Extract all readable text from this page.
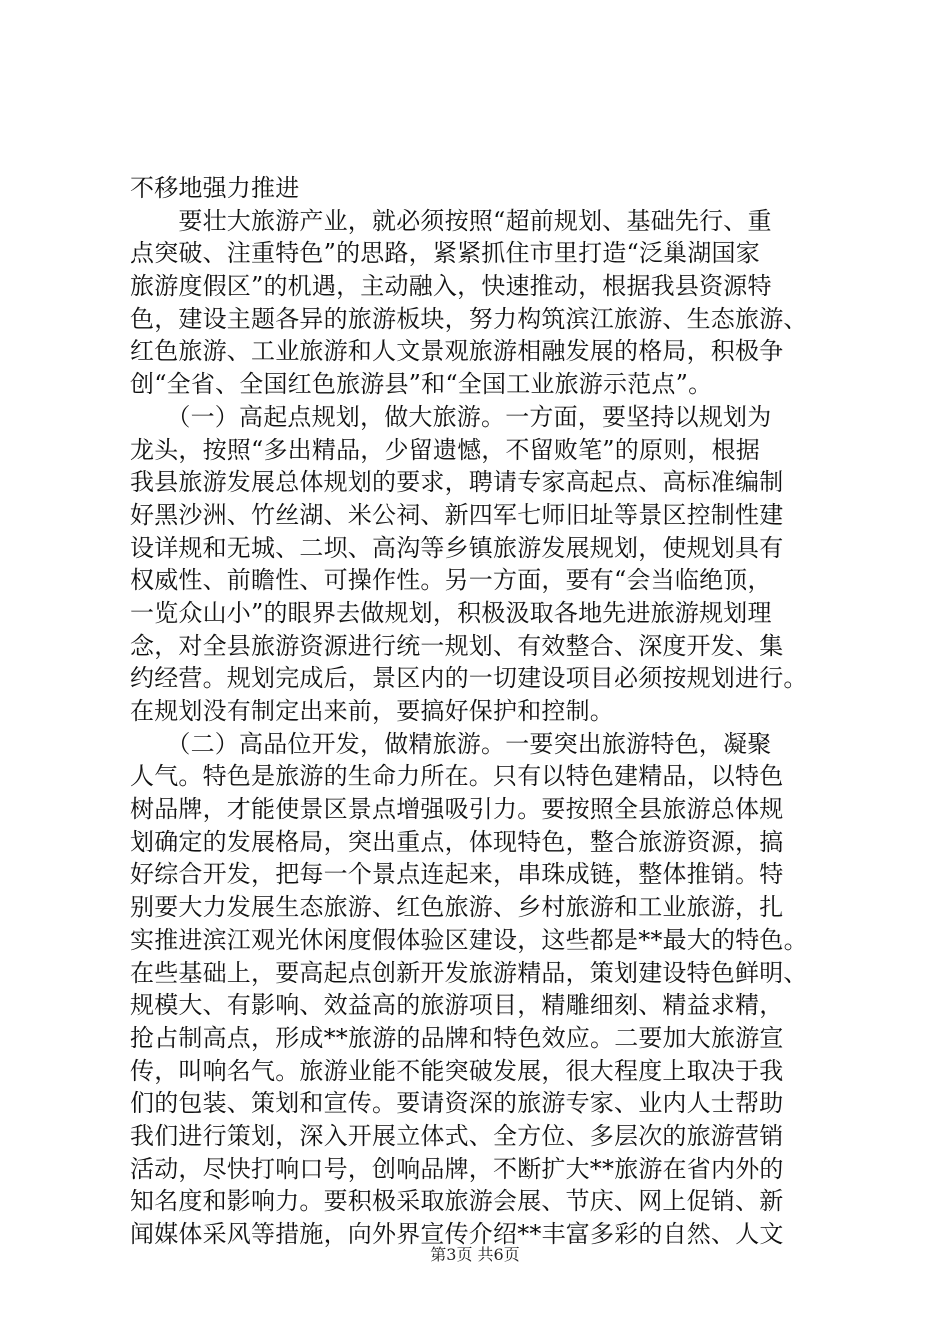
不移地强力推进
　　要壮大旅游产业，就必须按照“超前规划、基础先行、重
点突破、注重特色”的思路，紧紧抓住市里打造“泛巢湖国家
旅游度假区”的机遇，主动融入，快速推动，根据我县资源特
色，建设主题各异的旅游板块，努力构筑滨江旅游、生态旅游、
红色旅游、工业旅游和人文景观旅游相融发展的格局，积极争
创“全省、全国红色旅游县”和“全国工业旅游示范点”。
　　（一）高起点规划，做大旅游。一方面，要坚持以规划为
龙头，按照“多出精品，少留遗憾，不留败笔”的原则，根据
我县旅游发展总体规划的要求，聘请专家高起点、高标准编制
好黑沙洲、竹丝湖、米公祠、新四军七师旧址等景区控制性建
设详规和无城、二坝、高沟等乡镇旅游发展规划，使规划具有
权威性、前瞻性、可操作性。另一方面，要有“会当临绝顶，
一览众山小”的眼界去做规划，积极汲取各地先进旅游规划理
念，对全县旅游资源进行统一规划、有效整合、深度开发、集
约经营。规划完成后，景区内的一切建设项目必须按规划进行。
在规划没有制定出来前，要搞好保护和控制。
　　（二）高品位开发，做精旅游。一要突出旅游特色，凝聚
人气。特色是旅游的生命力所在。只有以特色建精品，以特色
树品牌，才能使景区景点增强吸引力。要按照全县旅游总体规
划确定的发展格局，突出重点，体现特色，整合旅游资源，搞
好综合开发，把每一个景点连起来，串珠成链，整体推销。特
别要大力发展生态旅游、红色旅游、乡村旅游和工业旅游，扎
实推进滨江观光休闲度假体验区建设，这些都是**最大的特色。
在些基础上，要高起点创新开发旅游精品，策划建设特色鲜明、
规模大、有影响、效益高的旅游项目，精雕细刻、精益求精，
抢占制高点，形成**旅游的品牌和特色效应。二要加大旅游宣
传，叫响名气。旅游业能不能突破发展，很大程度上取决于我
们的包装、策划和宣传。要请资深的旅游专家、业内人士帮助
我们进行策划，深入开展立体式、全方位、多层次的旅游营销
活动，尽快打响口号，创响品牌，不断扩大**旅游在省内外的
知名度和影响力。要积极采取旅游会展、节庆、网上促销、新
闻媒体采风等措施，向外界宣传介绍**丰富多彩的自然、人文
第3页 共6页
